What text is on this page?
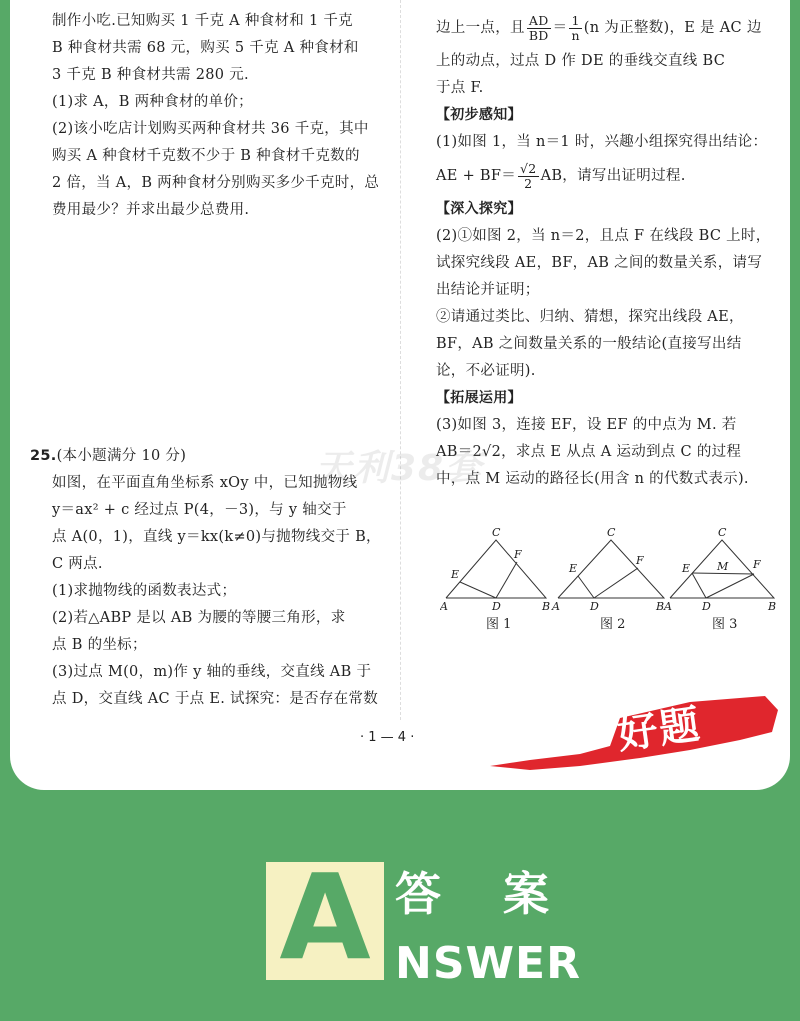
制作小吃.已知购买 1 千克 A 种食材和 1 千克

B 种食材共需 68 元，购买 5 千克 A 种食材和

3 千克 B 种食材共需 280 元.

(1)求 A，B 两种食材的单价；

(2)该小吃店计划购买两种食材共 36 千克，其中

购买 A 种食材千克数不少于 B 种食材千克数的

2 倍，当 A，B 两种食材分别购买多少千克时，总

费用最少？并求出最少总费用.

25.(本小题满分 10 分)

如图，在平面直角坐标系 xOy 中，已知抛物线

y＝ax² + c 经过点 P(4，－3)，与 y 轴交于

点 A(0，1)，直线 y＝kx(k≠0)与抛物线交于 B，

C 两点.

(1)求抛物线的函数表达式；

(2)若△ABP 是以 AB 为腰的等腰三角形，求

点 B 的坐标；

(3)过点 M(0，m)作 y 轴的垂线，交直线 AB 于

点 D，交直线 AC 于点 E. 试探究：是否存在常数

边上一点，且 $\frac{AD}{BD} = \frac{1}{n} (n$ 为正整数)，E 是 AC 边

上的动点，过点 D 作 DE 的垂线交直线 BC

于点 F.

【初步感知】

(1)如图 1，当 n＝1 时，兴趣小组探究得出结论：

AE + $BF= \frac{√2}{2}$ AB，请写出证明过程.

【深入探究】

(2)①如图 2，当 n＝2，且点 F 在线段 BC 上时，

试探究线段 AE，BF，AB 之间的数量关系，请写

出结论并证明；

②请通过类比、归纳、猜想，探究出线段 AE，

BF，AB 之间数量关系的一般结论(直接写出结

论，不必证明).

【拓展运用】

(3)如图 3，连接 EF，设 EF 的中点为 M. 若

AB＝2√2，求点 E 从点 A 运动到点 C 的过程

中，点 M 运动的路径长(用含 n 的代数式表示).

A
C
B
D
E
F
A
C
B
D
E
F
A
C
B
D
E	F
M
图 1	图 2	图 3
天利38套
· 1 — 4 ·	好题
A 答案
NSWER
